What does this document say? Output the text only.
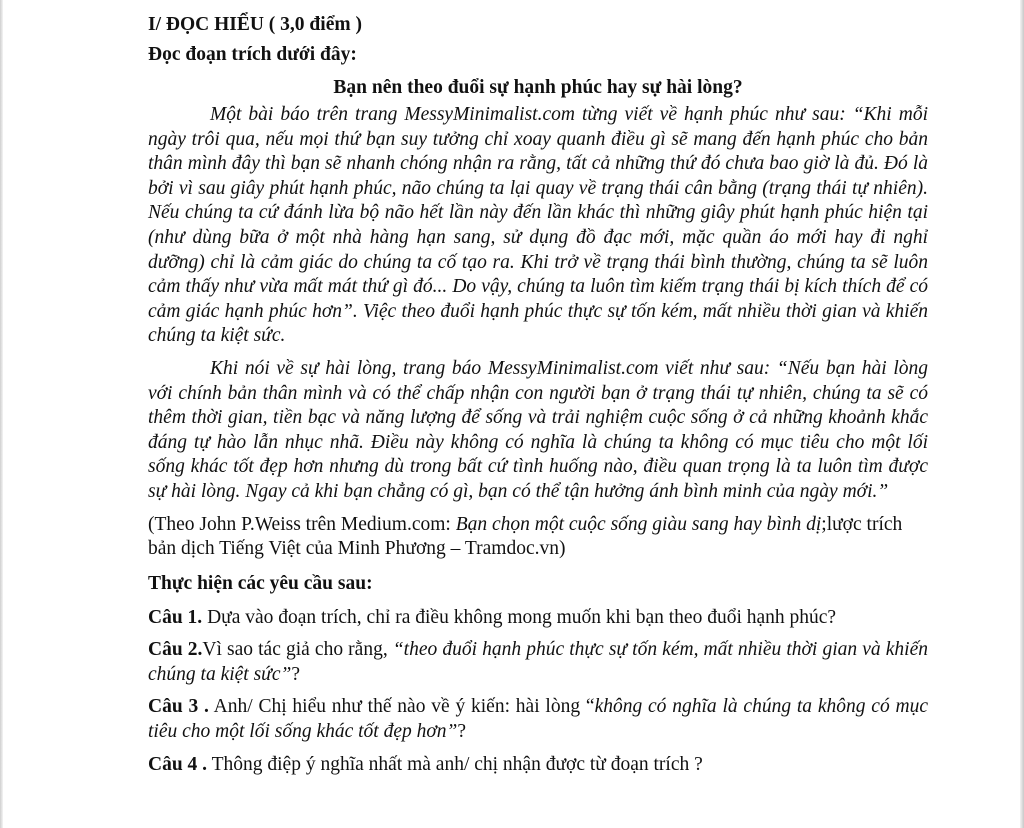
I/ ĐỌC HIỂU ( 3,0 điểm )
Đọc đoạn trích dưới đây:
Bạn nên theo đuổi sự hạnh phúc hay sự hài lòng?

Một bài báo trên trang MessyMinimalist.com từng viết về hạnh phúc như sau: “Khi mỗi ngày trôi qua, nếu mọi thứ bạn suy tưởng chỉ xoay quanh điều gì sẽ mang đến hạnh phúc cho bản thân mình đây thì bạn sẽ nhanh chóng nhận ra rằng, tất cả những thứ đó chưa bao giờ là đủ. Đó là bởi vì sau giây phút hạnh phúc, não chúng ta lại quay về trạng thái cân bằng (trạng thái tự nhiên). Nếu chúng ta cứ đánh lừa bộ não hết lần này đến lần khác thì những giây phút hạnh phúc hiện tại (như dùng bữa ở một nhà hàng hạn sang, sử dụng đồ đạc mới, mặc quần áo mới hay đi nghỉ dưỡng) chỉ là cảm giác do chúng ta cố tạo ra. Khi trở về trạng thái bình thường, chúng ta sẽ luôn cảm thấy như vừa mất mát thứ gì đó... Do vậy, chúng ta luôn tìm kiếm trạng thái bị kích thích để có cảm giác hạnh phúc hơn”. Việc theo đuổi hạnh phúc thực sự tốn kém, mất nhiều thời gian và khiến chúng ta kiệt sức.

Khi nói về sự hài lòng, trang báo MessyMinimalist.com viết như sau: “Nếu bạn hài lòng với chính bản thân mình và có thể chấp nhận con người bạn ở trạng thái tự nhiên, chúng ta sẽ có thêm thời gian, tiền bạc và năng lượng để sống và trải nghiệm cuộc sống ở cả những khoảnh khắc đáng tự hào lẫn nhục nhã. Điều này không có nghĩa là chúng ta không có mục tiêu cho một lối sống khác tốt đẹp hơn nhưng dù trong bất cứ tình huống nào, điều quan trọng là ta luôn tìm được sự hài lòng. Ngay cả khi bạn chẳng có gì, bạn có thể tận hưởng ánh bình minh của ngày mới.”

(Theo John P.Weiss trên Medium.com: Bạn chọn một cuộc sống giàu sang hay bình dị;lược trích bản dịch Tiếng Việt của Minh Phương – Tramdoc.vn)

Thực hiện các yêu cầu sau:

Câu 1. Dựa vào đoạn trích, chỉ ra điều không mong muốn khi bạn theo đuổi hạnh phúc?

Câu 2.Vì sao tác giả cho rằng, “theo đuổi hạnh phúc thực sự tốn kém, mất nhiều thời gian và khiến chúng ta kiệt sức”?

Câu 3 . Anh/ Chị hiểu như thế nào về ý kiến: hài lòng “không có nghĩa là chúng ta không có mục tiêu cho một lối sống khác tốt đẹp hơn”?

Câu 4 . Thông điệp ý nghĩa nhất mà anh/ chị nhận được từ đoạn trích ?
